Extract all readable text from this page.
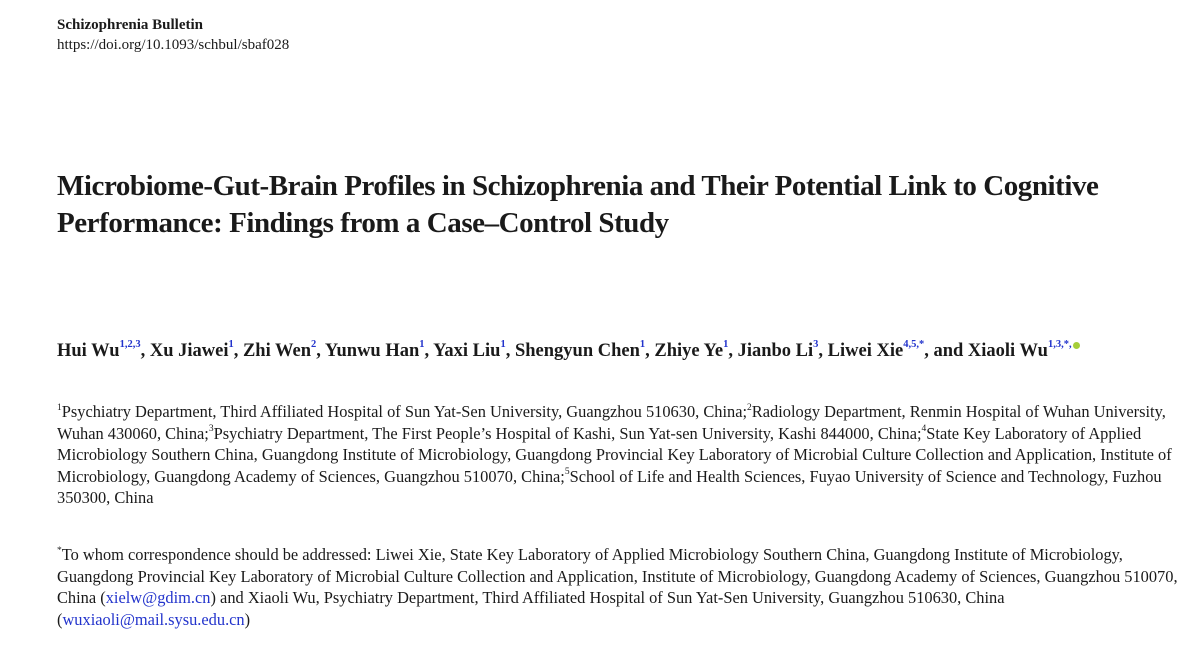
Schizophrenia Bulletin
https://doi.org/10.1093/schbul/sbaf028
Microbiome-Gut-Brain Profiles in Schizophrenia and Their Potential Link to Cognitive Performance: Findings from a Case–Control Study

Hui Wu$^{1,2,3}$, Xu Jiawei$^1$, Zhi Wen$^2$, Yunwu Han$^1$, Yaxi Liu$^1$, Shengyun Chen$^1$, Zhiye Ye$^1$, Jianbo Li$^3$, Liwei Xie$^{4,5,*}$, and Xiaoli $Wu^{1,3,*,}$

$^1$Psychiatry Department, Third Affiliated Hospital of Sun Yat-Sen University, Guangzhou 510630, China;$^2$Radiology Department, Renmin Hospital of Wuhan University, Wuhan 430060, China;$^3$Psychiatry Department, The First People’s Hospital of Kashi, Sun Yat-sen University, Kashi 844000, China;$^4$State Key Laboratory of Applied Microbiology Southern China, Guangdong Institute of Microbiology, Guangdong Provincial Key Laboratory of Microbial Culture Collection and Application, Institute of Microbiology, Guangdong Academy of Sciences, Guangzhou 510070, China;$^5$School of Life and Health Sciences, Fuyao University of Science and Technology, Fuzhou 350300, China

*To whom correspondence should be addressed: Liwei Xie, State Key Laboratory of Applied Microbiology Southern China, Guangdong Institute of Microbiology, Guangdong Provincial Key Laboratory of Microbial Culture Collection and Application, Institute of Microbiology, Guangdong Academy of Sciences, Guangzhou 510070, China (xielw@gdim.cn) and Xiaoli Wu, Psychiatry Department, Third Affiliated Hospital of Sun Yat-Sen University, Guangzhou 510630, China (wuxiaoli@mail.sysu.edu.cn)
